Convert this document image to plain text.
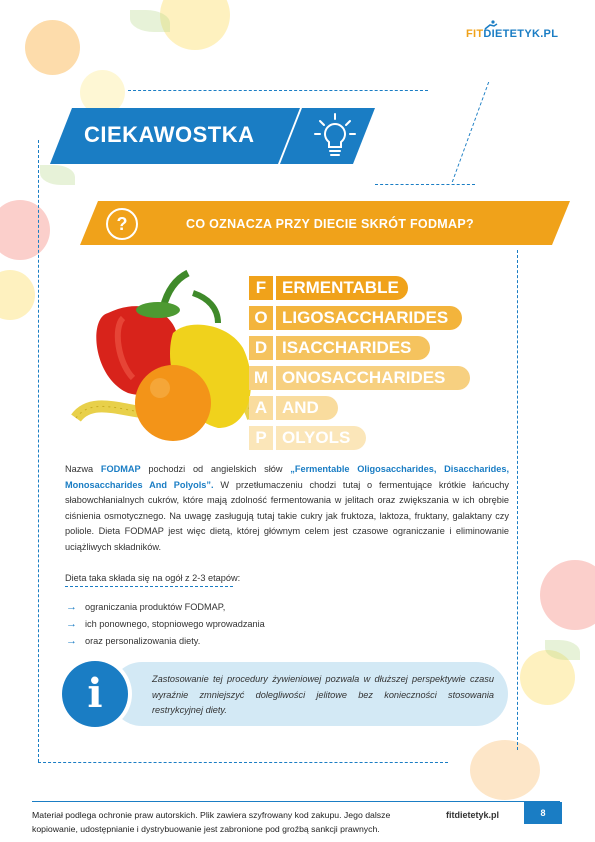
FITDIETETYK.PL
CIEKAWOSTKA
?	CO OZNACZA PRZY DIECIE SKRÓT FODMAP?
F ERMENTABLE
O LIGOSACCHARIDES
D ISACCHARIDES
M ONOSACCHARIDES
A AND
P OLYOLS
Nazwa FODMAP pochodzi od angielskich słów „Fermentable Oligosaccharides, Disaccharides, Monosaccharides And Polyols”. W przetłumaczeniu chodzi tutaj o fermentujące krótkie łańcuchy słabowchłanialnych cukrów, które mają zdolność fermentowania w jelitach oraz zwiększania w ich obrębie ciśnienia osmotycznego. Na uwagę zasługują tutaj takie cukry jak fruktoza, laktoza, fruktany, galaktany czy poliole. Dieta FODMAP jest więc dietą, której głównym celem jest czasowe ograniczanie i eliminowanie uciążliwych składników.
Dieta taka składa się na ogół z 2-3 etapów:
→ ograniczania produktów FODMAP,
→ ich ponownego, stopniowego wprowadzania
→ oraz personalizowania diety.
i	Zastosowanie tej procedury żywieniowej pozwala w dłuższej perspektywie czasu wyraźnie zmniejszyć dolegliwości jelitowe bez konieczności stosowania restrykcyjnej diety.
Materiał podlega ochronie praw autorskich. Plik zawiera szyfrowany kod zakupu. Jego dalsze kopiowanie, udostępnianie i dystrybuowanie jest zabronione pod groźbą sankcji prawnych.
fitdietetyk.pl	8
